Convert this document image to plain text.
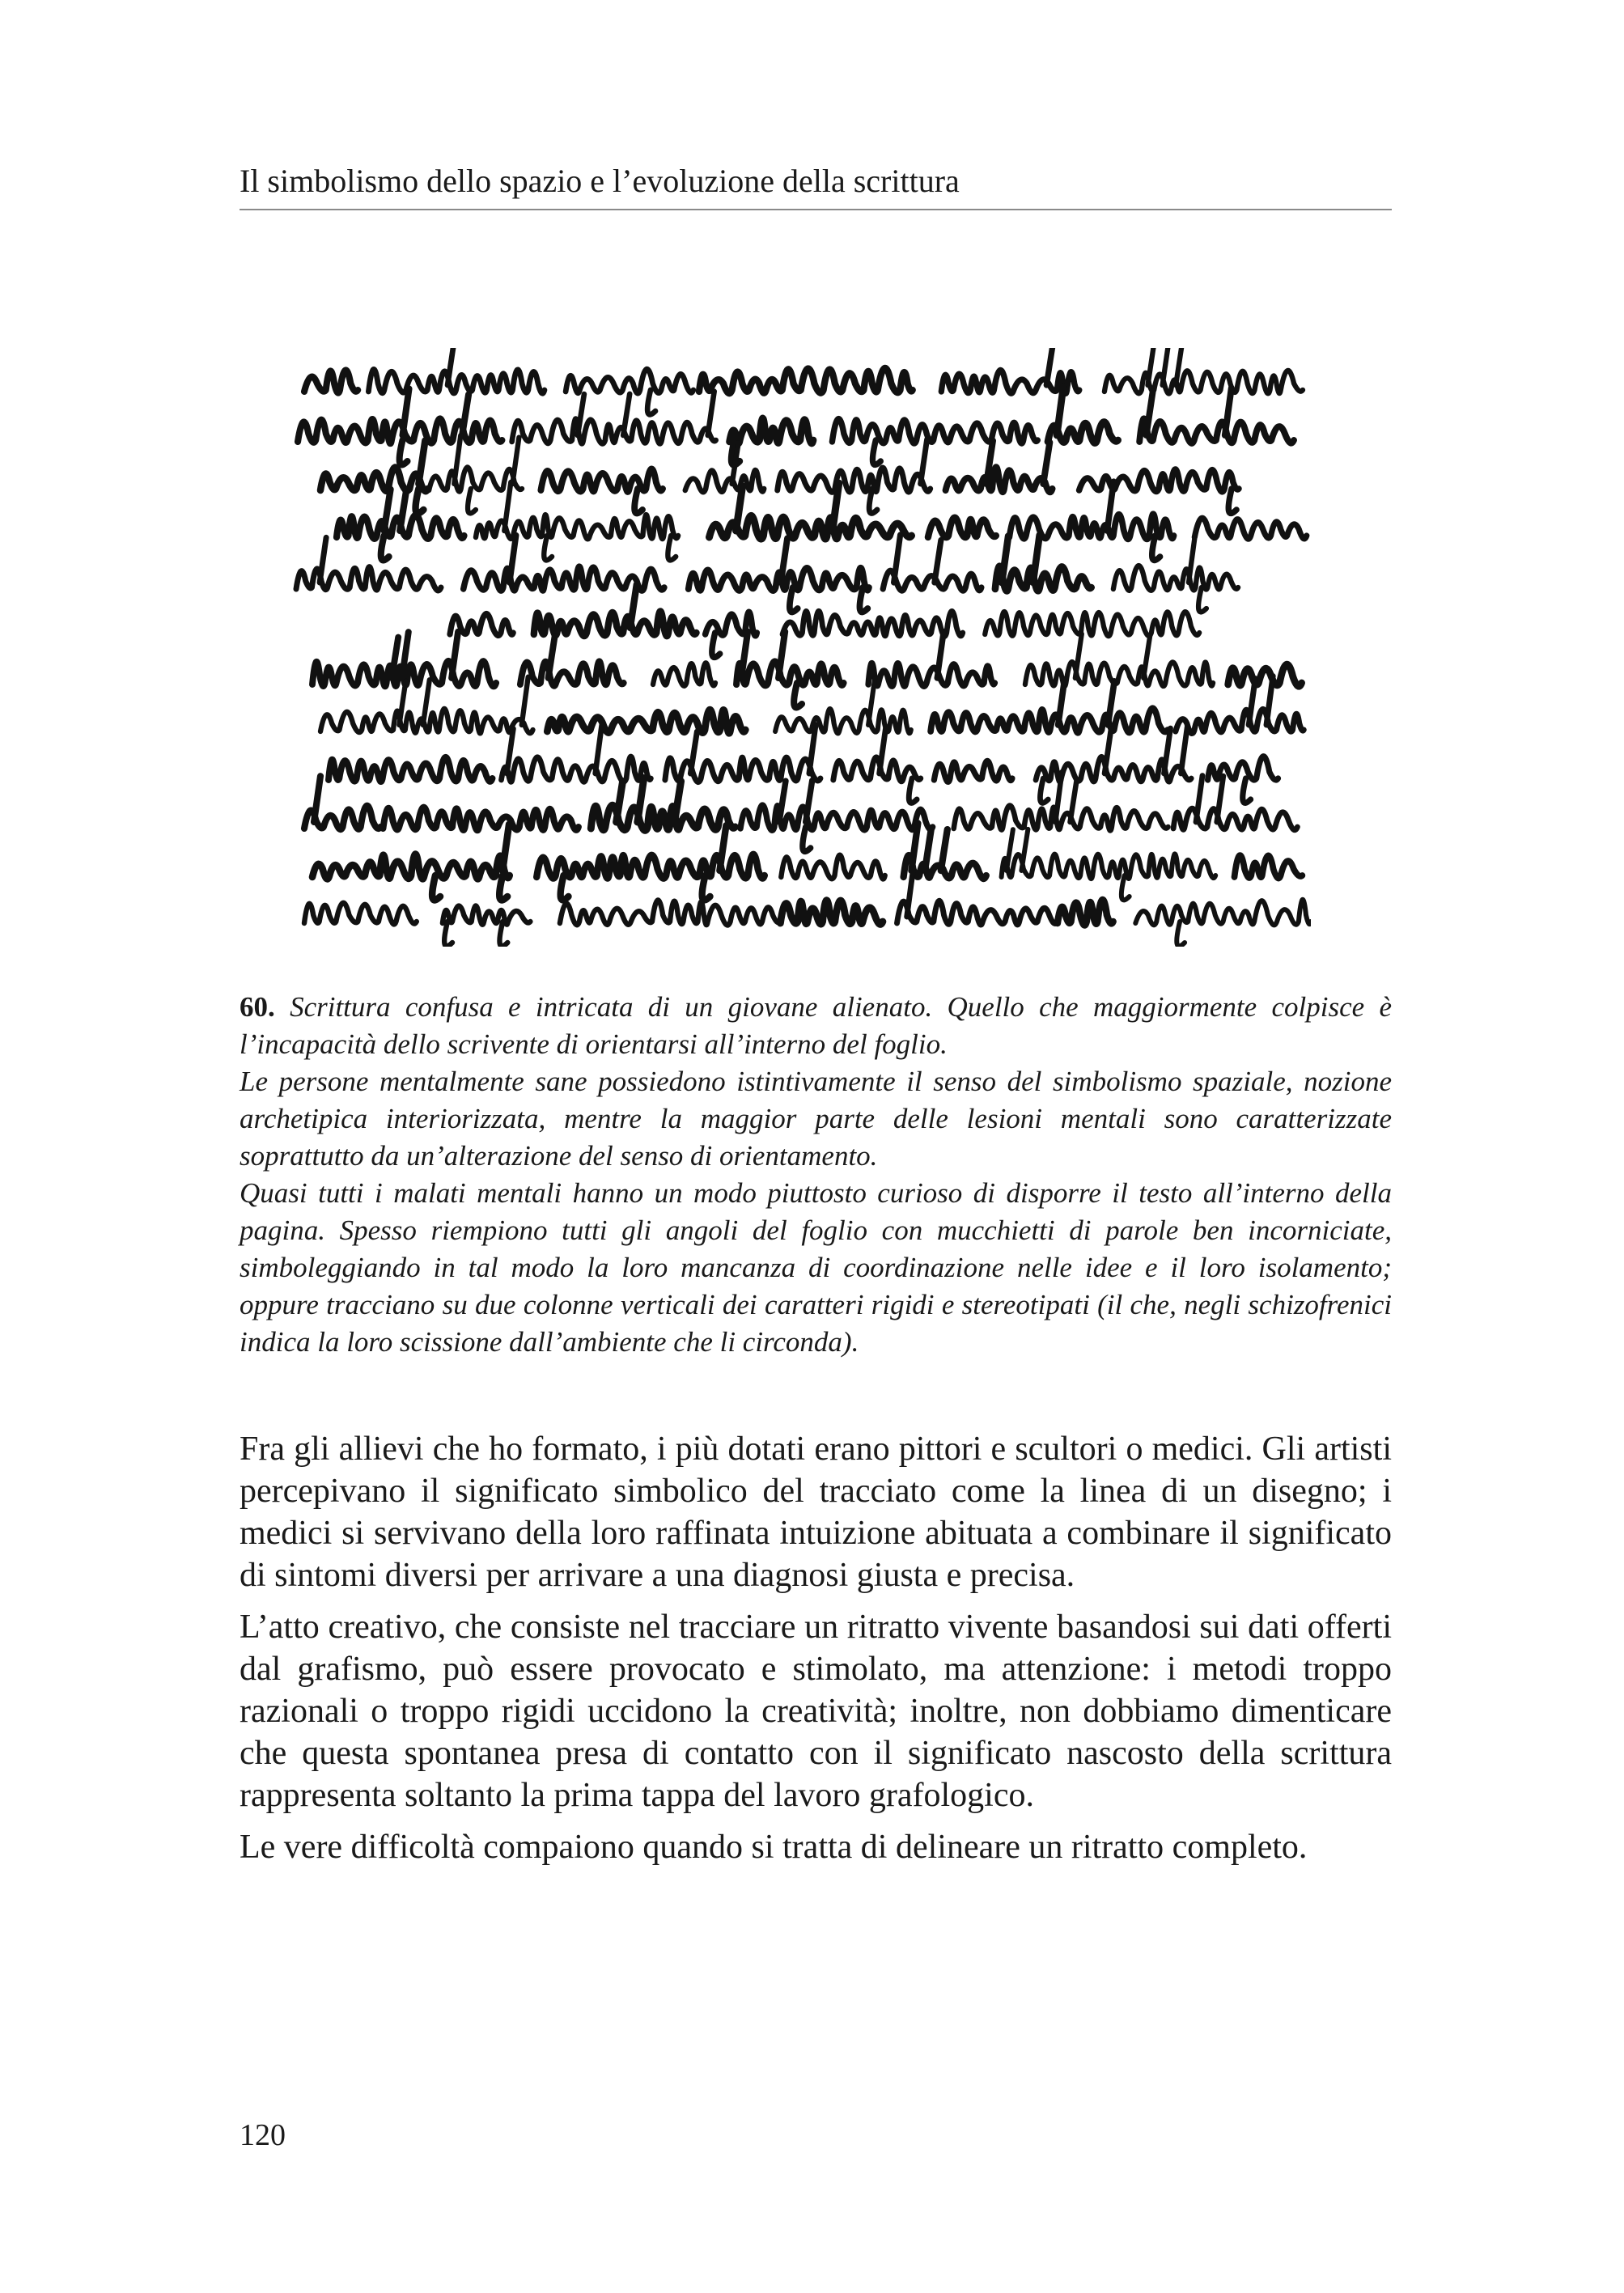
Il simbolismo dello spazio e l’evoluzione della scrittura

60. Scrittura confusa e intricata di un giovane alienato. Quello che maggiormente colpisce è l’incapacità dello scrivente di orientarsi all’interno del foglio.

Le persone mentalmente sane possiedono istintivamente il senso del simbolismo spaziale, nozione archetipica interiorizzata, mentre la maggior parte delle lesioni mentali sono caratterizzate soprattutto da un’alterazione del senso di orientamento.

Quasi tutti i malati mentali hanno un modo piuttosto curioso di disporre il testo all’interno della pagina. Spesso riempiono tutti gli angoli del foglio con mucchietti di parole ben incorniciate, simboleggiando in tal modo la loro mancanza di coordinazione nelle idee e il loro isolamento; oppure tracciano su due colonne verticali dei caratteri rigidi e stereotipati (il che, negli schizofrenici indica la loro scissione dall’ambiente che li circonda).

Fra gli allievi che ho formato, i più dotati erano pittori e scultori o medici. Gli artisti percepivano il significato simbolico del tracciato come la linea di un disegno; i medici si servivano della loro raffinata intuizione abituata a combinare il significato di sintomi diversi per arrivare a una diagnosi giusta e precisa.

L’atto creativo, che consiste nel tracciare un ritratto vivente basandosi sui dati offerti dal grafismo, può essere provocato e stimolato, ma attenzione: i metodi troppo razionali o troppo rigidi uccidono la creatività; inoltre, non dobbiamo dimenticare che questa spontanea presa di contatto con il significato nascosto della scrittura rappresenta soltanto la prima tappa del lavoro grafologico.

Le vere difficoltà compaiono quando si tratta di delineare un ritratto completo.

120
